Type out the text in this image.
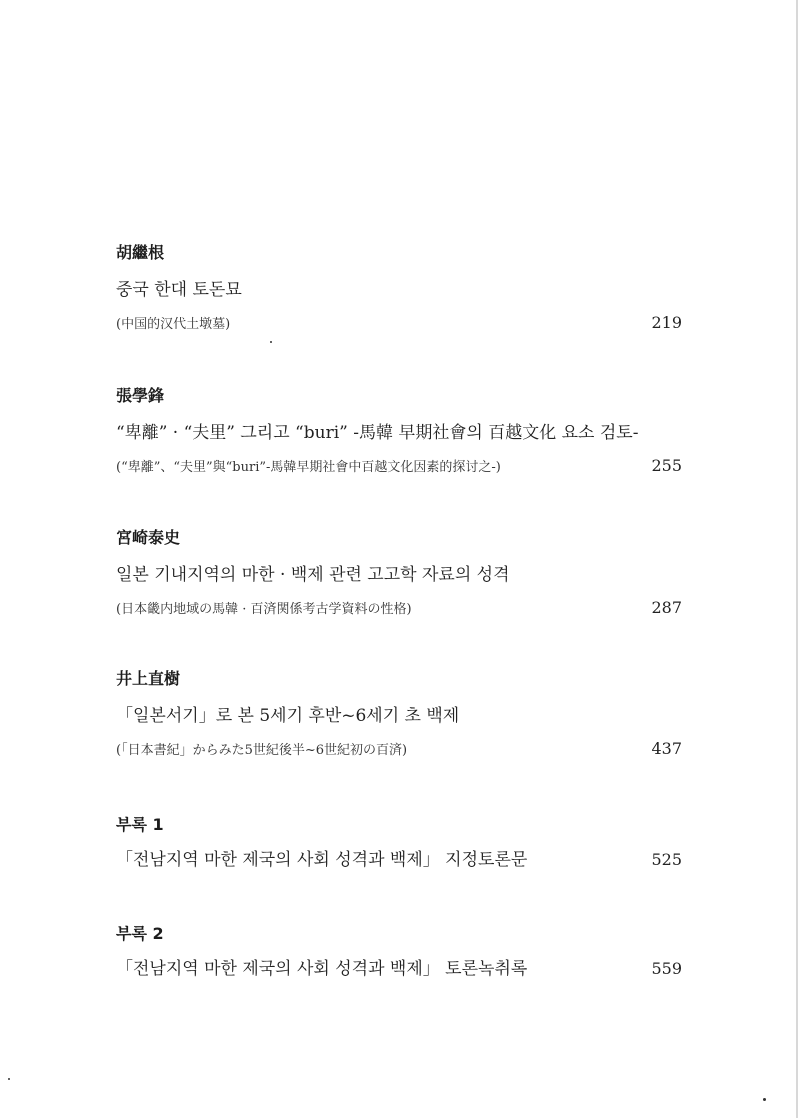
胡繼根
중국 한대 토돈묘
(中国的汉代土墩墓)	219
張學鋒
“卑離” · “夫里” 그리고 “buri” -馬韓 早期社會의 百越文化 요소 검토-
(“卑離”、“夫里”與“buri”-馬韓早期社會中百越文化因素的探讨之-)	255
宮崎泰史
일본 기내지역의 마한 · 백제 관련 고고학 자료의 성격
(日本畿内地域の馬韓 · 百済関係考古学資料の性格)	287
井上直樹
「일본서기」로 본 5세기 후반~6세기 초 백제
(「日本書紀」からみた5世紀後半~6世紀初の百済)	437
부록 1
「전남지역 마한 제국의 사회 성격과 백제」 지정토론문	525
부록 2
「전남지역 마한 제국의 사회 성격과 백제」 토론녹취록	559
